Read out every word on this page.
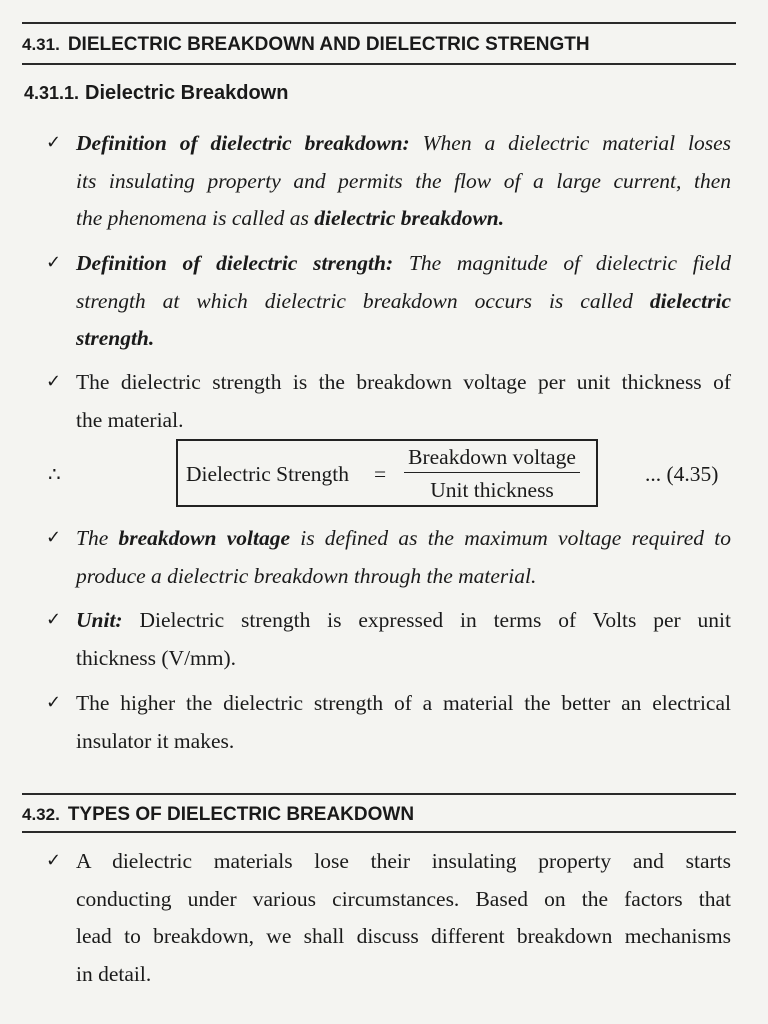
4.31. DIELECTRIC BREAKDOWN AND DIELECTRIC STRENGTH
4.31.1. Dielectric Breakdown
✓ Definition of dielectric breakdown: When a dielectric material loses
its insulating property and permits the flow of a large current, then
the phenomena is called as dielectric breakdown.
✓ Definition of dielectric strength: The magnitude of dielectric field
strength at which dielectric breakdown occurs is called dielectric
strength.
✓ The dielectric strength is the breakdown voltage per unit thickness of
the material.
✓ The breakdown voltage is defined as the maximum voltage required to
produce a dielectric breakdown through the material.
✓ Unit: Dielectric strength is expressed in terms of Volts per unit
thickness (V/mm).
✓ The higher the dielectric strength of a material the better an electrical
insulator it makes.
✓ A dielectric materials lose their insulating property and starts
conducting under various circumstances. Based on the factors that
lead to breakdown, we shall discuss different breakdown mechanisms
in detail.
∴	Dielectric Strength =
Breakdown voltage
Unit thickness
... (4.35)
4.32. TYPES OF DIELECTRIC BREAKDOWN
